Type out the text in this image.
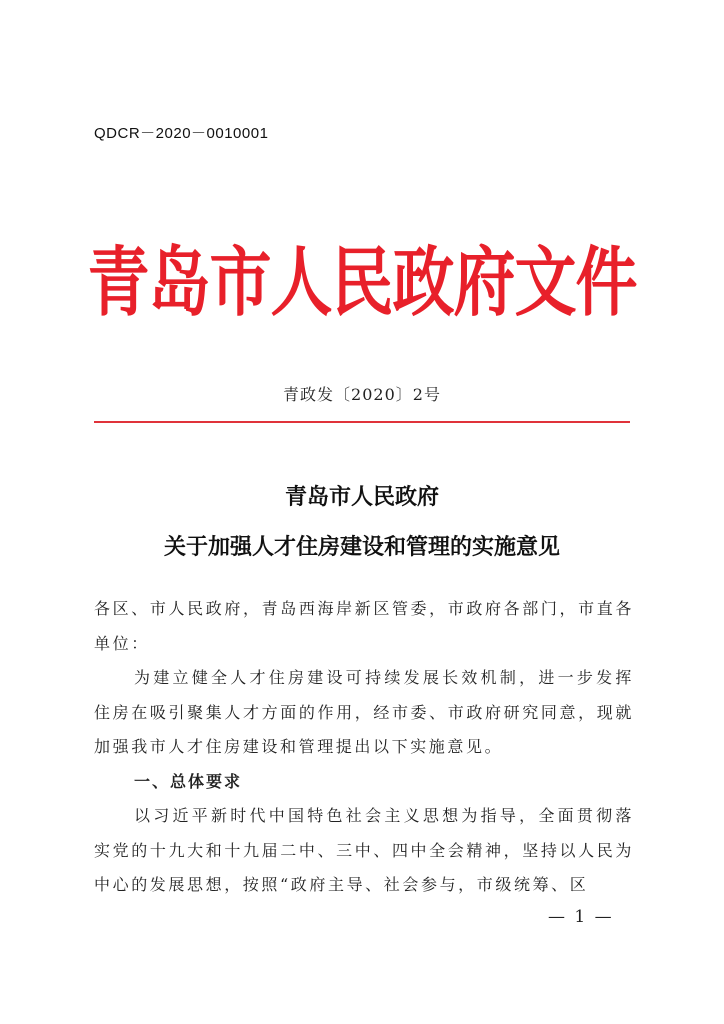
QDCR－2020－0010001
青岛市人民政府文件
青政发〔2020〕2号
青岛市人民政府
关于加强人才住房建设和管理的实施意见

各区、市人民政府，青岛西海岸新区管委，市政府各部门，市直各单位：

为建立健全人才住房建设可持续发展长效机制，进一步发挥住房在吸引聚集人才方面的作用，经市委、市政府研究同意，现就加强我市人才住房建设和管理提出以下实施意见。

一、总体要求

以习近平新时代中国特色社会主义思想为指导，全面贯彻落实党的十九大和十九届二中、三中、四中全会精神，坚持以人民为中心的发展思想，按照“政府主导、社会参与，市级统筹、区

— 1 —
